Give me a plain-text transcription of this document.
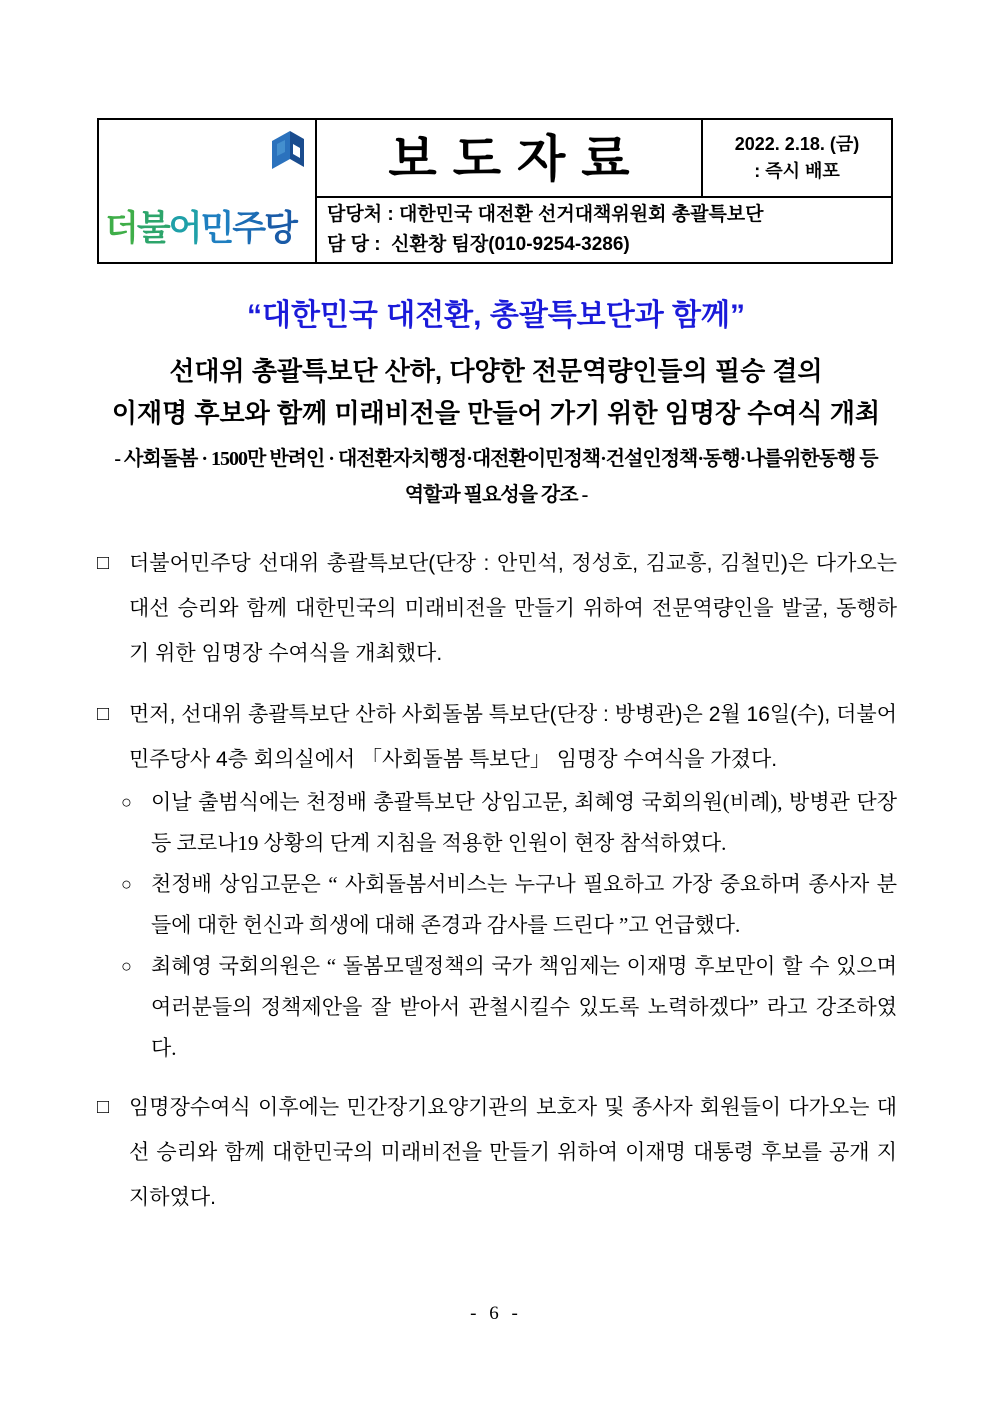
더불어민주당
보도자료	2022. 2.18. (금)
: 즉시 배포
담당처 : 대한민국 대전환 선거대책위원회 총괄특보단
담 당 : 신환창 팀장(010-9254-3286)
“대한민국 대전환, 총괄특보단과 함께”
선대위 총괄특보단 산하, 다양한 전문역량인들의 필승 결의
이재명 후보와 함께 미래비전을 만들어 가기 위한 임명장 수여식 개최
- 사회돌봄 · 1500만 반려인 · 대전환자치행정·대전환이민정책·건설인정책·동행·나를위한동행 등
역할과 필요성을 강조 -
□ 더불어민주당 선대위 총괄특보단(단장 : 안민석, 정성호, 김교흥, 김철민)은 다가오는 대선 승리와 함께 대한민국의 미래비전을 만들기 위하여 전문역량인을 발굴, 동행하기 위한 임명장 수여식을 개최했다.
□ 먼저, 선대위 총괄특보단 산하 사회돌봄 특보단(단장 : 방병관)은 2월 16일(수), 더불어민주당사 4층 회의실에서 「사회돌봄 특보단」 임명장 수여식을 가졌다.
○ 이날 출범식에는 천정배 총괄특보단 상임고문, 최혜영 국회의원(비례), 방병관 단장 등 코로나19 상황의 단계 지침을 적용한 인원이 현장 참석하였다.
○ 천정배 상임고문은 “ 사회돌봄서비스는 누구나 필요하고 가장 중요하며 종사자 분들에 대한 헌신과 희생에 대해 존경과 감사를 드린다 ”고 언급했다.
○ 최혜영 국회의원은 “ 돌봄모델정책의 국가 책임제는 이재명 후보만이 할 수 있으며 여러분들의 정책제안을 잘 받아서 관철시킬수 있도록 노력하겠다” 라고 강조하였다.
□ 임명장수여식 이후에는 민간장기요양기관의 보호자 및 종사자 회원들이 다가오는 대선 승리와 함께 대한민국의 미래비전을 만들기 위하여 이재명 대통령 후보를 공개 지지하였다.
- 6 -
